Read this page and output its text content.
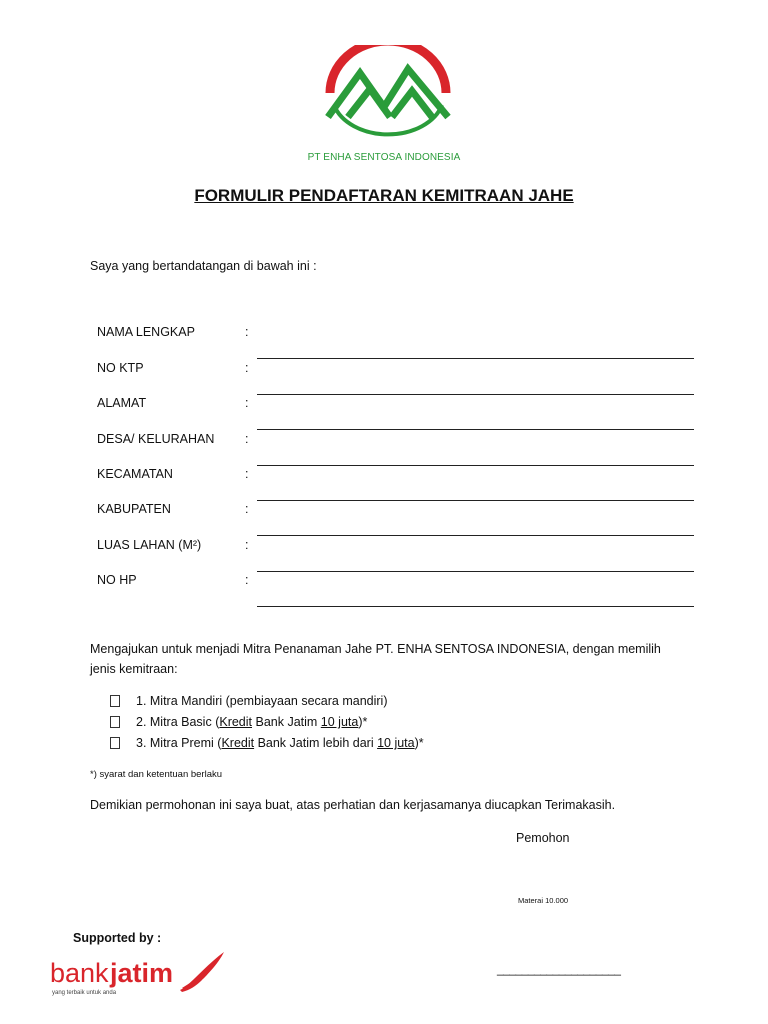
PT ENHA SENTOSA INDONESIA
FORMULIR PENDAFTARAN KEMITRAAN JAHE
Saya yang bertandatangan di bawah ini :
NAMA LENGKAP	:
NO KTP	:
ALAMAT	:
DESA/ KELURAHAN :
KECAMATAN	:
KABUPATEN	:
LUAS LAHAN (M²)	:
NO HP	:
Mengajukan untuk menjadi Mitra Penanaman Jahe PT. ENHA SENTOSA INDONESIA, dengan memilih jenis kemitraan:
1. Mitra Mandiri (pembiayaan secara mandiri)
2. Mitra Basic ( Kredit Bank Jatim 10 juta )*
3. Mitra Premi ( Kredit Bank Jatim lebih dari 10 juta )*
*) syarat dan ketentuan berlaku
Demikian permohonan ini saya buat, atas perhatian dan kerjasamanya diucapkan Terimakasih.
Pemohon
Materai 10.000
Supported by :
bank jatim
yang terbaik untuk anda
____________________
